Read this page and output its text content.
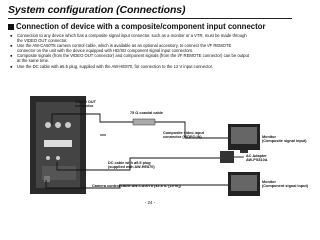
System configuration (Connections)
Connection of device with a composite/component input connector
●	Connection to any device which has a composite signal input connector, such as a monitor or a VTR, must be made through
the VIDEO OUT connector.
●	Use the AW-CA50T8 camera control cable, which is available as an optional accessory, to connect the I/F REMOTE
connector on the unit with the device equipped with HD/SD component signal input connectors.
●	Composite signals (from the VIDEO OUT connector) and component signals (from the I/F REMOTE connector) can be output
at the same time.
●	Use the DC cable with ø5.5 plug, supplied with the AW-HE870, for connection to the 12 V input connector.
VIDEO OUT
connector
75 Ω coaxial cable
Composite video input
connector (VIDEO IN)	Monitor
(Composite signal input)
DC cable with ø5.5 plug
(supplied with AW-HE870)
AC Adapter
AW-PS510A
Camera control cable AW-CA50T8 (32.8 ft. [10 m])
Monitor
(Component signal input)
- 24 -
